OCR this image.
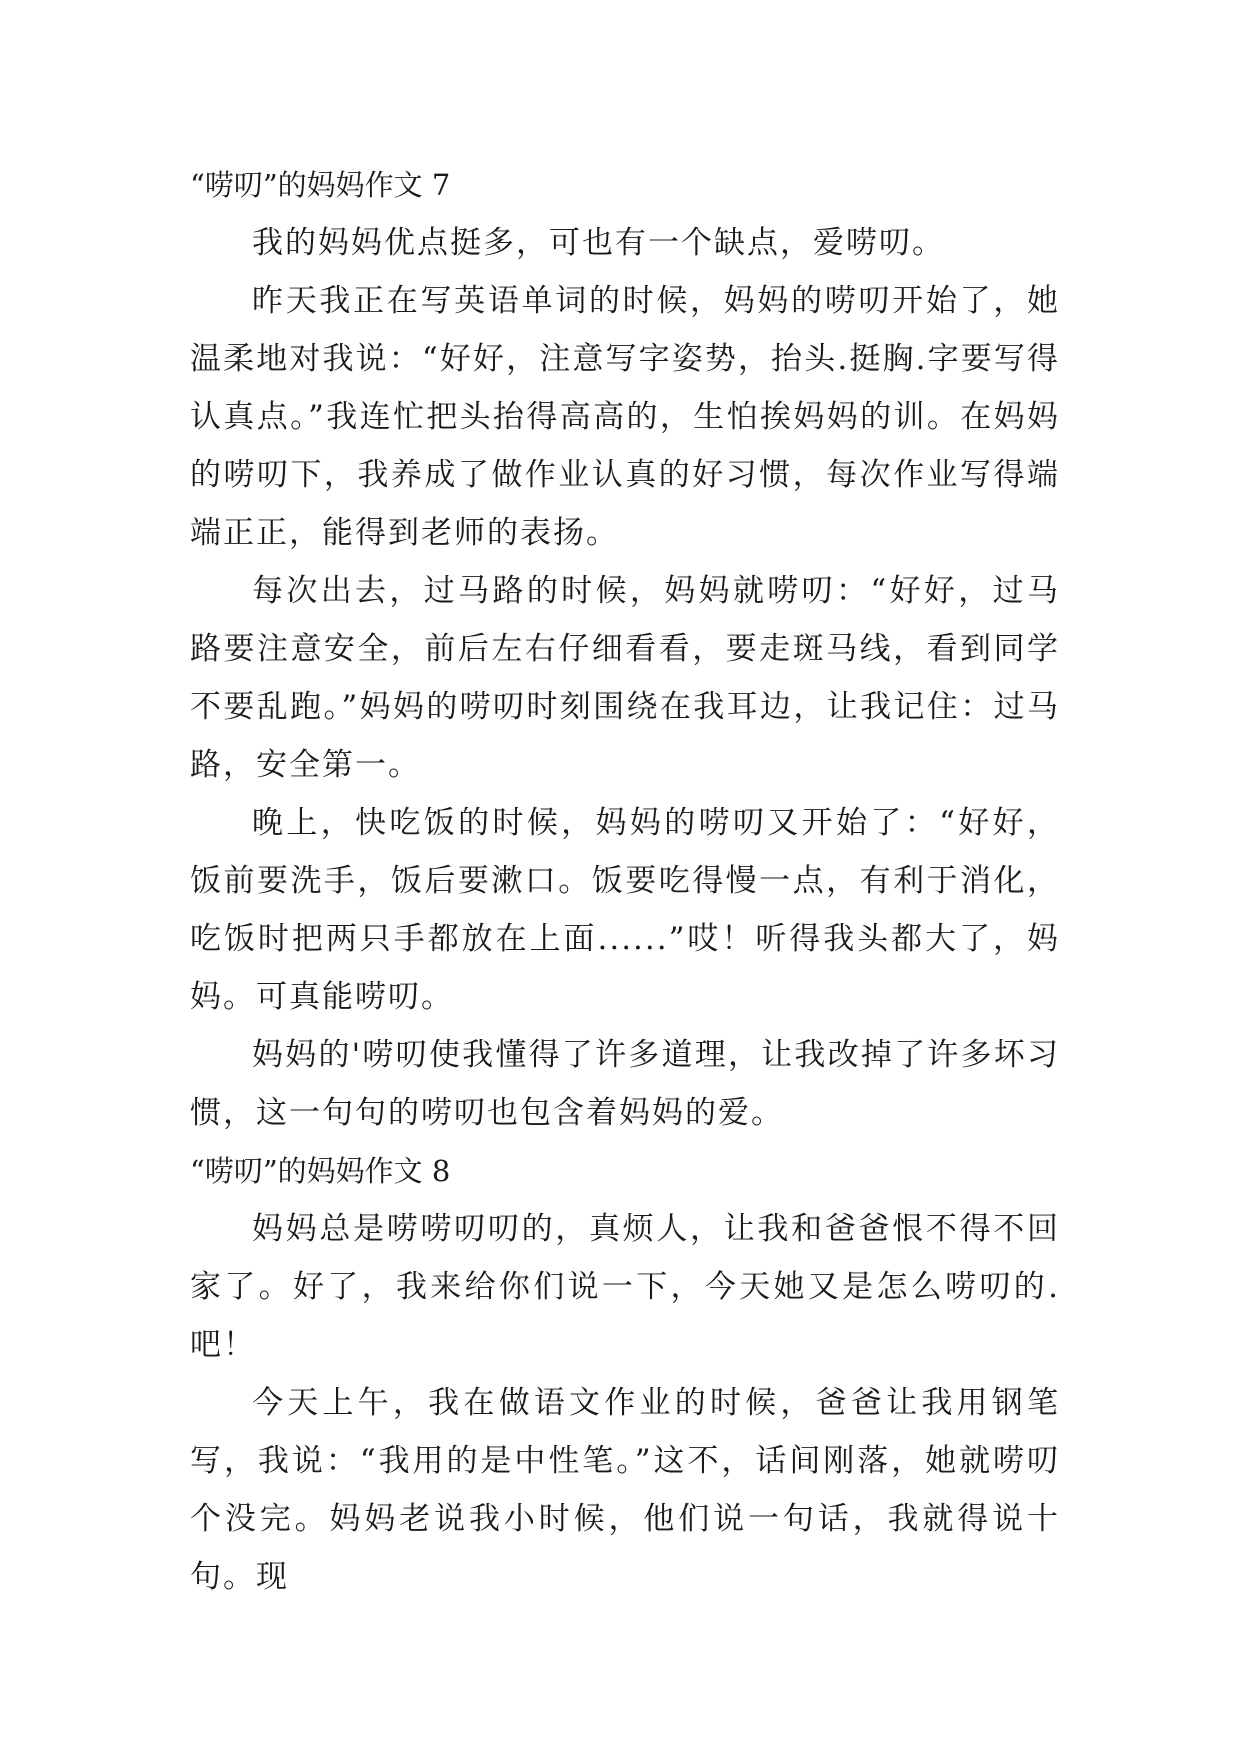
“唠叨”的妈妈作文 7

我的妈妈优点挺多，可也有一个缺点，爱唠叨。

昨天我正在写英语单词的时候，妈妈的唠叨开始了，她温柔地对我说：“好好，注意写字姿势，抬头.挺胸.字要写得认真点。”我连忙把头抬得高高的，生怕挨妈妈的训。在妈妈的唠叨下，我养成了做作业认真的好习惯，每次作业写得端端正正，能得到老师的表扬。

每次出去，过马路的时候，妈妈就唠叨：“好好，过马路要注意安全，前后左右仔细看看，要走斑马线，看到同学不要乱跑。”妈妈的唠叨时刻围绕在我耳边，让我记住：过马路，安全第一。

晚上，快吃饭的时候，妈妈的唠叨又开始了：“好好，饭前要洗手，饭后要漱口。饭要吃得慢一点，有利于消化，吃饭时把两只手都放在上面......”哎！听得我头都大了，妈妈。可真能唠叨。

妈妈的'唠叨使我懂得了许多道理，让我改掉了许多坏习惯，这一句句的唠叨也包含着妈妈的爱。

“唠叨”的妈妈作文 8

妈妈总是唠唠叨叨的，真烦人，让我和爸爸恨不得不回家了。好了，我来给你们说一下，今天她又是怎么唠叨的.吧！

今天上午，我在做语文作业的时候，爸爸让我用钢笔写，我说：“我用的是中性笔。”这不，话间刚落，她就唠叨个没完。妈妈老说我小时候，他们说一句话，我就得说十句。现
